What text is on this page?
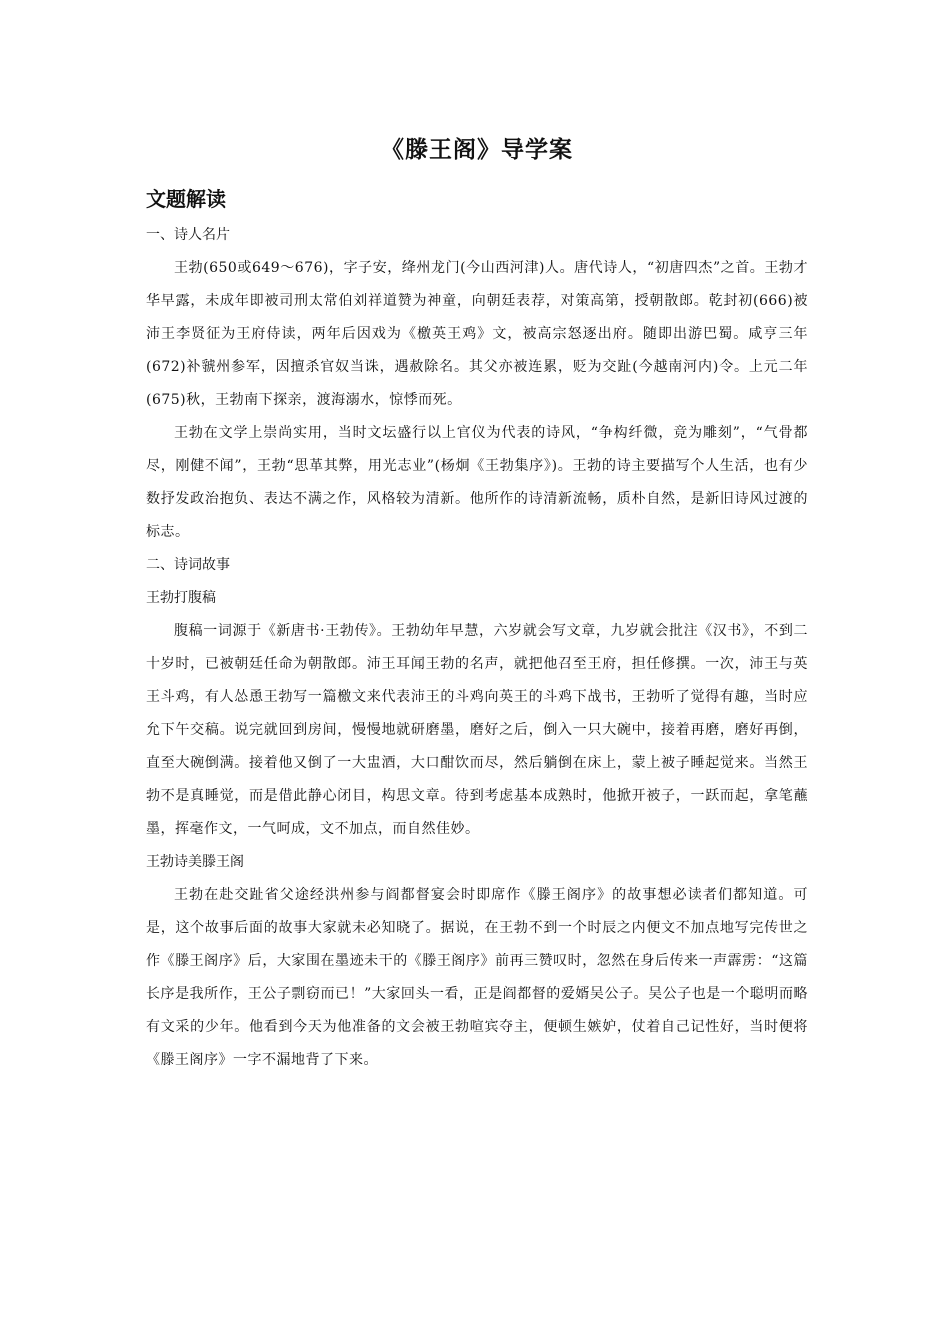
《滕王阁》导学案
文题解读

一、诗人名片

王勃(650或649～676)，字子安，绛州龙门(今山西河津)人。唐代诗人，“初唐四杰”之首。王勃才华早露，未成年即被司刑太常伯刘祥道赞为神童，向朝廷表荐，对策高第，授朝散郎。乾封初(666)被沛王李贤征为王府侍读，两年后因戏为《檄英王鸡》文，被高宗怒逐出府。随即出游巴蜀。咸亨三年(672)补虢州参军，因擅杀官奴当诛，遇赦除名。其父亦被连累，贬为交趾(今越南河内)令。上元二年(675)秋，王勃南下探亲，渡海溺水，惊悸而死。

王勃在文学上崇尚实用，当时文坛盛行以上官仪为代表的诗风，“争构纤微，竞为雕刻”，“气骨都尽，刚健不闻”，王勃“思革其弊，用光志业”(杨炯《王勃集序》)。王勃的诗主要描写个人生活，也有少数抒发政治抱负、表达不满之作，风格较为清新。他所作的诗清新流畅，质朴自然，是新旧诗风过渡的标志。

二、诗词故事

王勃打腹稿

腹稿一词源于《新唐书·王勃传》。王勃幼年早慧，六岁就会写文章，九岁就会批注《汉书》，不到二十岁时，已被朝廷任命为朝散郎。沛王耳闻王勃的名声，就把他召至王府，担任修撰。一次，沛王与英王斗鸡，有人怂恿王勃写一篇檄文来代表沛王的斗鸡向英王的斗鸡下战书，王勃听了觉得有趣，当时应允下午交稿。说完就回到房间，慢慢地就研磨墨，磨好之后，倒入一只大碗中，接着再磨，磨好再倒，直至大碗倒满。接着他又倒了一大盅酒，大口酣饮而尽，然后躺倒在床上，蒙上被子睡起觉来。当然王勃不是真睡觉，而是借此静心闭目，构思文章。待到考虑基本成熟时，他掀开被子，一跃而起，拿笔蘸墨，挥毫作文，一气呵成，文不加点，而自然佳妙。

王勃诗美滕王阁

王勃在赴交趾省父途经洪州参与阎都督宴会时即席作《滕王阁序》的故事想必读者们都知道。可是，这个故事后面的故事大家就未必知晓了。据说，在王勃不到一个时辰之内便文不加点地写完传世之作《滕王阁序》后，大家围在墨迹未干的《滕王阁序》前再三赞叹时，忽然在身后传来一声霹雳：“这篇长序是我所作，王公子剽窃而已！”大家回头一看，正是阎都督的爱婿吴公子。吴公子也是一个聪明而略有文采的少年。他看到今天为他准备的文会被王勃喧宾夺主，便顿生嫉妒，仗着自己记性好，当时便将《滕王阁序》一字不漏地背了下来。
